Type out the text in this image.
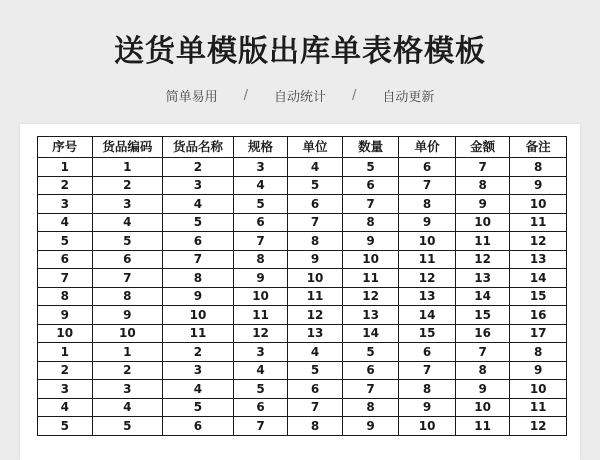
送货单模版出库单表格模板
简单易用 / 自动统计 / 自动更新
序号	货品编码	货品名称	规格	单位	数量	单价	金额	备注
1	1	2	3	4	5	6	7	8
2	2	3	4	5	6	7	8	9
3	3	4	5	6	7	8	9	10
4	4	5	6	7	8	9	10	11
5	5	6	7	8	9	10	11	12
6	6	7	8	9	10	11	12	13
7	7	8	9	10	11	12	13	14
8	8	9	10	11	12	13	14	15
9	9	10	11	12	13	14	15	16
10	10	11	12	13	14	15	16	17
1	1	2	3	4	5	6	7	8
2	2	3	4	5	6	7	8	9
3	3	4	5	6	7	8	9	10
4	4	5	6	7	8	9	10	11
5	5	6	7	8	9	10	11	12
